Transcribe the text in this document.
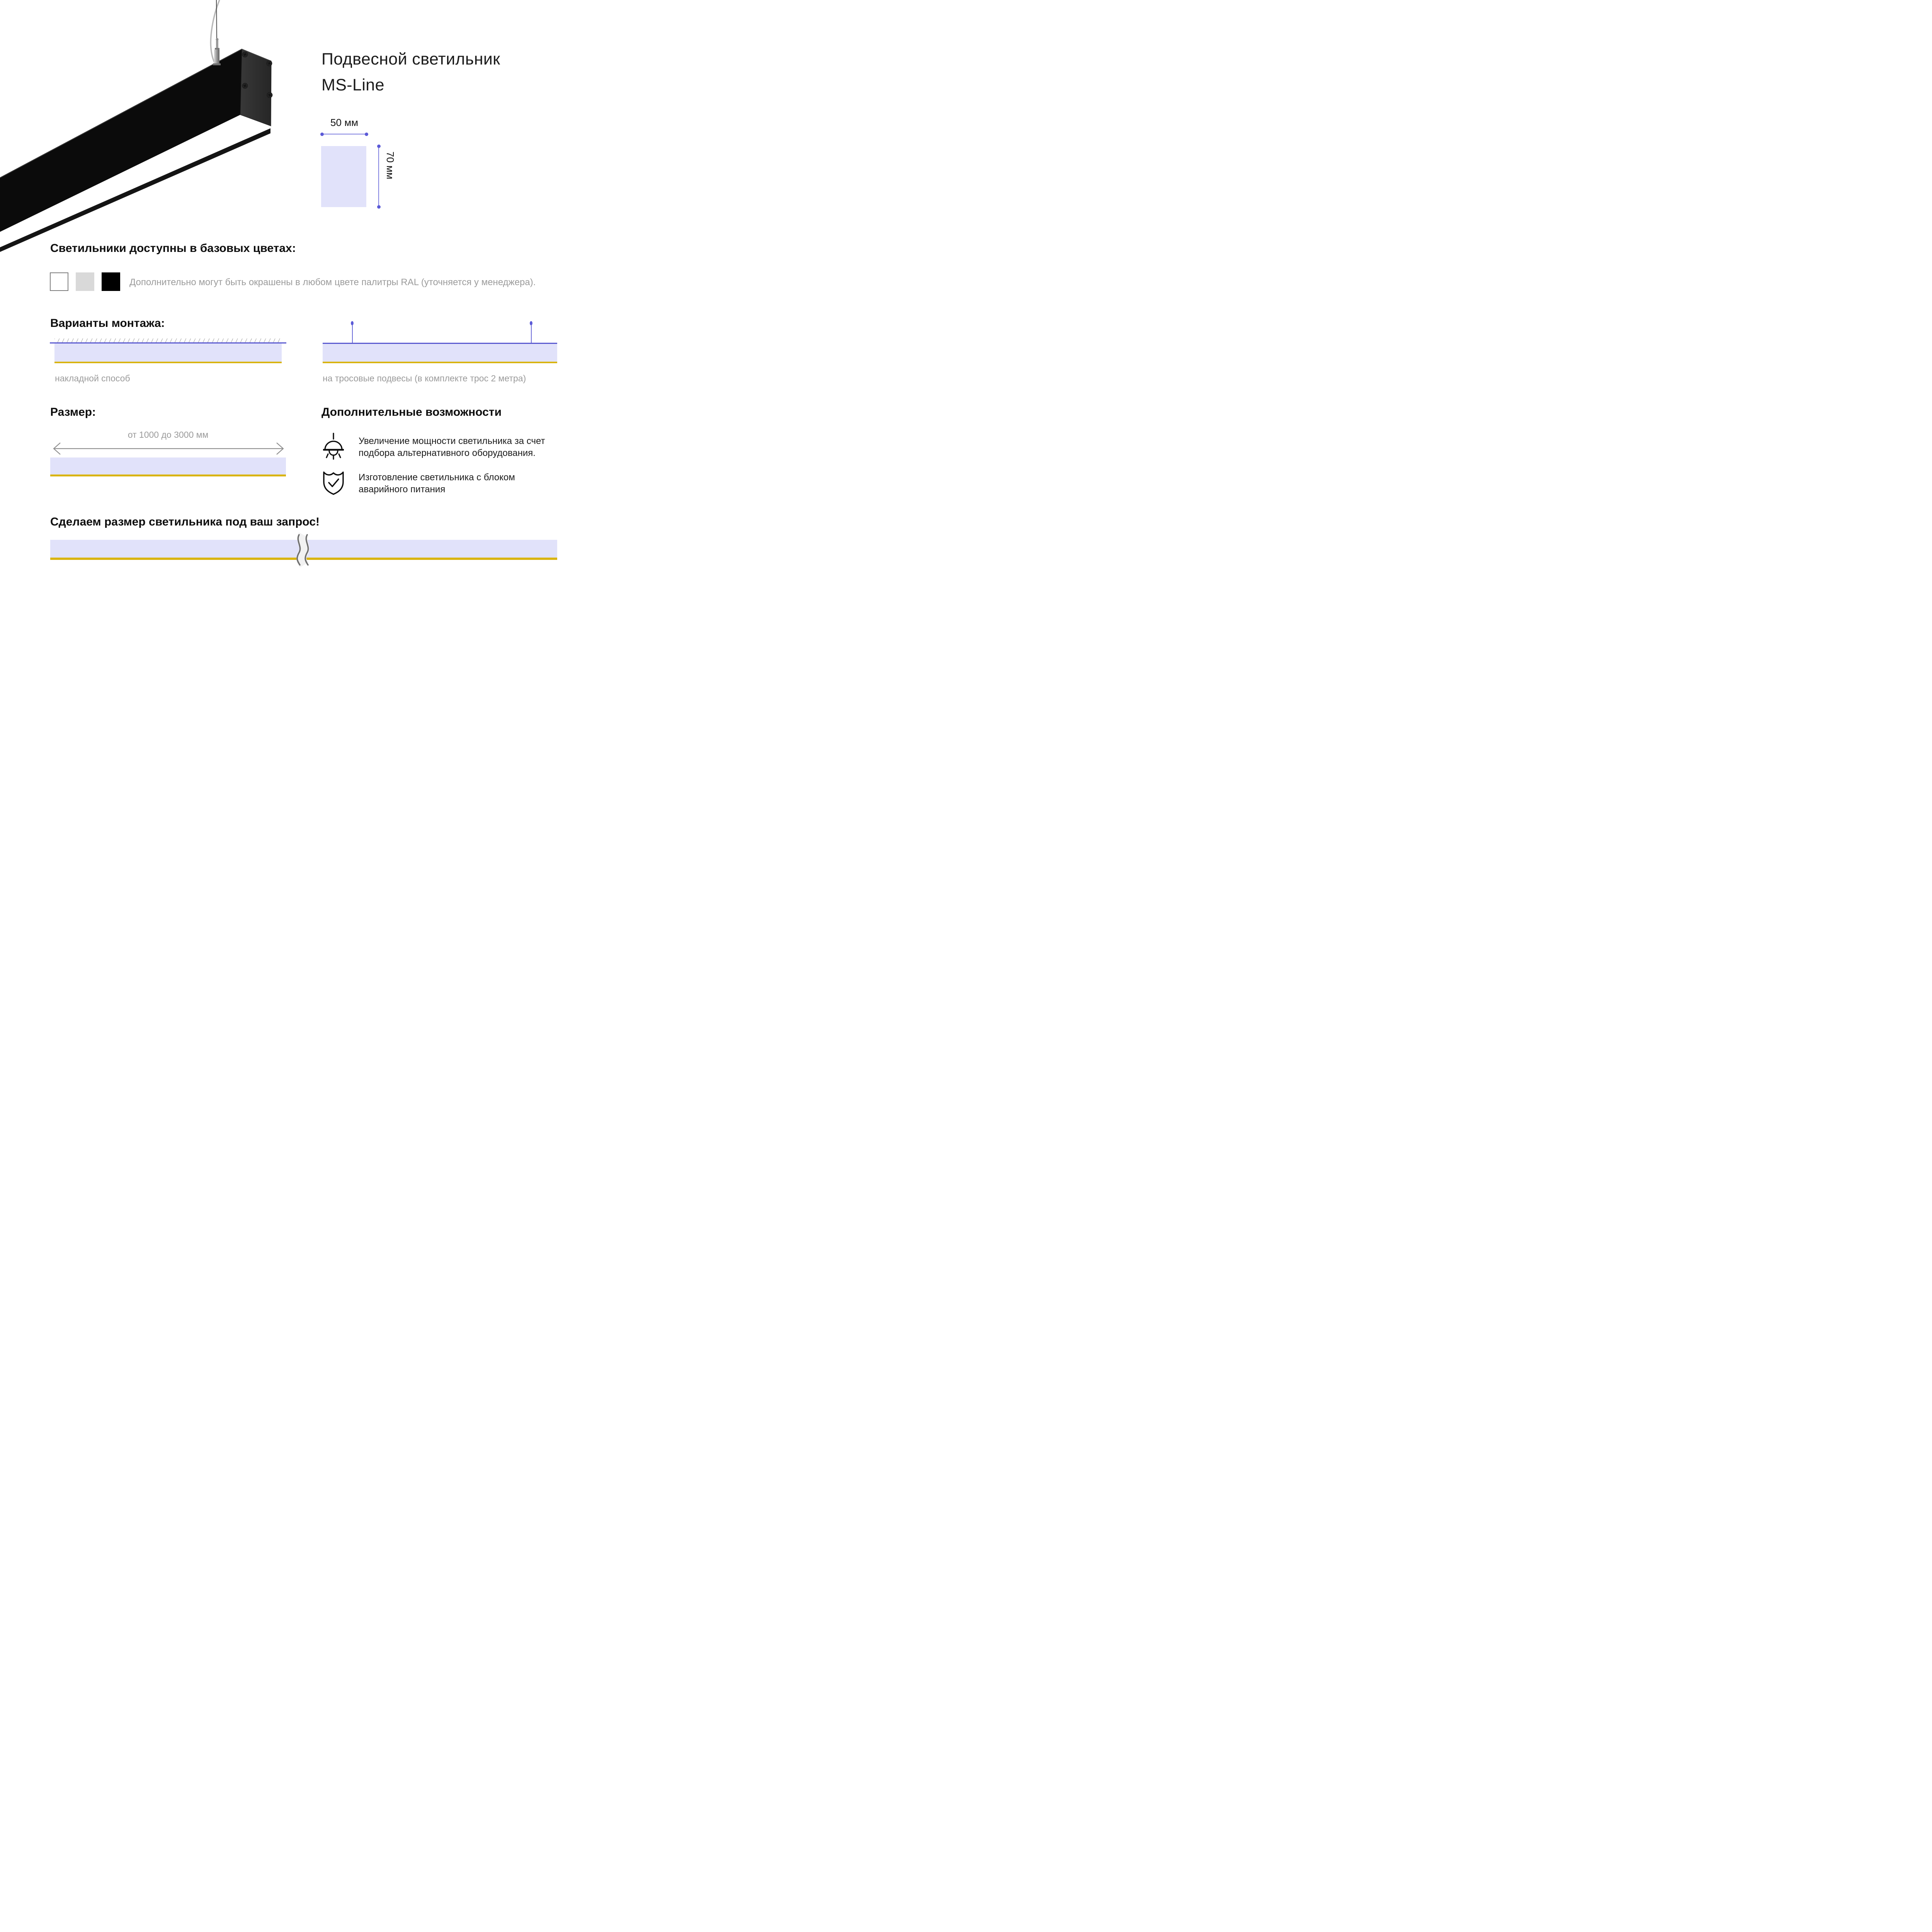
Подвесной светильник
MS-Line
50 мм
70 мм
Светильники доступны в базовых цветах:
Дополнительно могут быть окрашены в любом цвете палитры RAL (уточняется у менеджера).
Варианты монтажа:
накладной способ	на тросовые подвесы (в комплекте трос 2 метра)
Размер:
от 1000 до 3000 мм
Дополнительные возможности
Увеличение мощности светильника за счет подбора альтернативного оборудования.
Изготовление светильника с блоком аварийного питания
Сделаем размер светильника под ваш запрос!
